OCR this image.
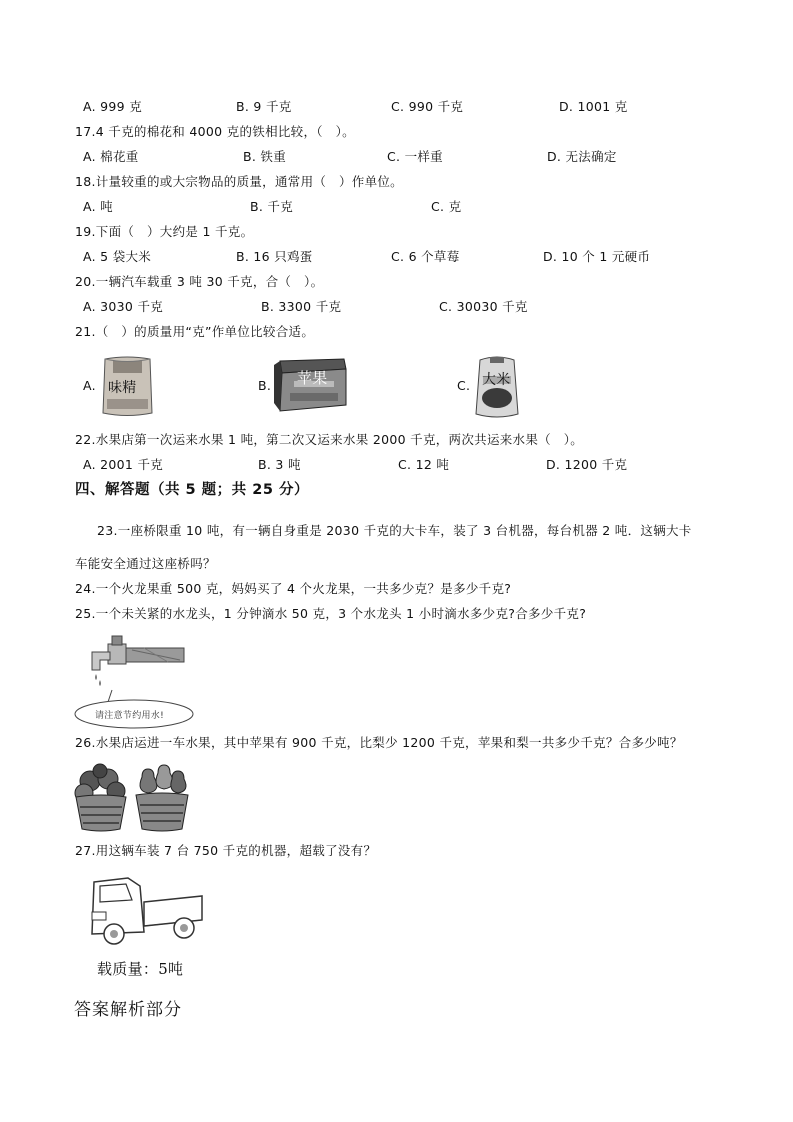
A. 999 克	B. 9 千克	C. 990 千克	D. 1001 克
17.4 千克的棉花和 4000 克的铁相比较，（　）。
A. 棉花重	B. 铁重	C. 一样重	D. 无法确定
18.计量较重的或大宗物品的质量，通常用（　）作单位。
A. 吨	B. 千克	C. 克
19.下面（　）大约是 1 千克。
A. 5 袋大米	B. 16 只鸡蛋	C. 6 个草莓	D. 10 个 1 元硬币
20.一辆汽车载重 3 吨 30 千克，合（　）。
A. 3030 千克	B. 3300 千克	C. 30030 千克
21.（　）的质量用“克”作单位比较合适。
A. 味精	B. 苹果	C. 大米
22.水果店第一次运来水果 1 吨，第二次又运来水果 2000 千克，两次共运来水果（　）。
A. 2001 千克	B. 3 吨	C. 12 吨	D. 1200 千克
四、解答题（共 5 题；共 25 分）
23.一座桥限重 10 吨，有一辆自身重是 2030 千克的大卡车，装了 3 台机器，每台机器 2 吨．这辆大卡
车能安全通过这座桥吗？
24.一个火龙果重 500 克，妈妈买了 4 个火龙果，一共多少克？是多少千克?
25.一个未关紧的水龙头，1 分钟滴水 50 克，3 个水龙头 1 小时滴水多少克?合多少千克?
请注意节约用水!
26.水果店运进一车水果，其中苹果有 900 千克，比梨少 1200 千克，苹果和梨一共多少千克？合多少吨？
27.用这辆车装 7 台 750 千克的机器，超载了没有？
载质量：5吨
答案解析部分
